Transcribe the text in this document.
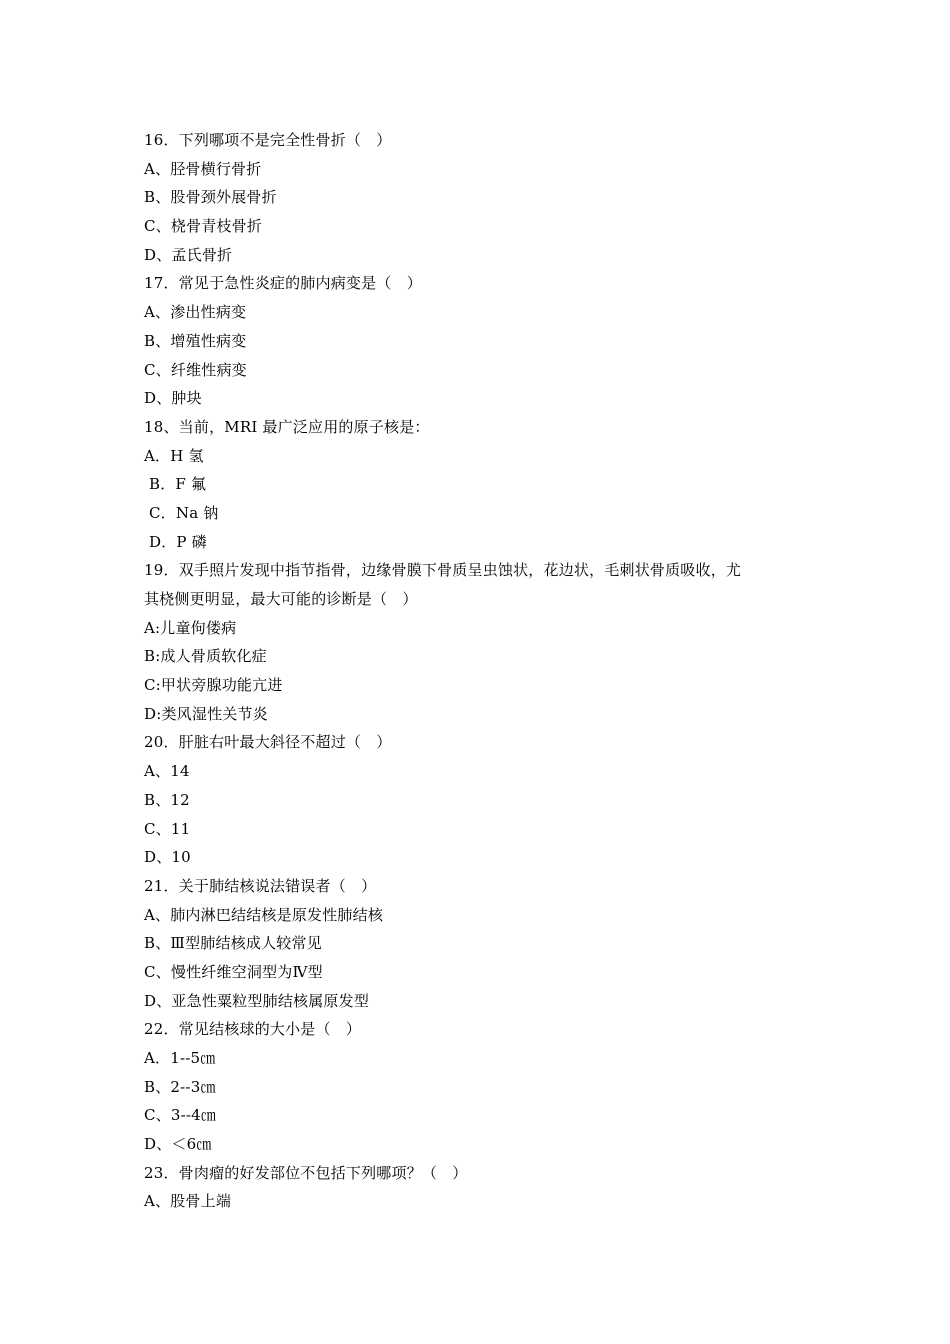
16．下列哪项不是完全性骨折（　）
A、胫骨横行骨折
B、股骨颈外展骨折
C、桡骨青枝骨折
D、孟氏骨折
17．常见于急性炎症的肺内病变是（　）
A、渗出性病变
B、增殖性病变
C、纤维性病变
D、肿块
18、当前，MRI 最广泛应用的原子核是：
A．H 氢
B．F 氟
C．Na 钠
D．P 磷
19．双手照片发现中指节指骨，边缘骨膜下骨质呈虫蚀状，花边状，毛刺状骨质吸收，尤
其桡侧更明显，最大可能的诊断是（　）
A:儿童佝偻病
B:成人骨质软化症
C:甲状旁腺功能亢进
D:类风湿性关节炎
20．肝脏右叶最大斜径不超过（　）
A、14
B、12
C、11
D、10
21．关于肺结核说法错误者（　）
A、肺内淋巴结结核是原发性肺结核
B、Ⅲ型肺结核成人较常见
C、慢性纤维空洞型为Ⅳ型
D、亚急性粟粒型肺结核属原发型
22．常见结核球的大小是（　）
A．1--5㎝
B、2--3㎝
C、3--4㎝
D、＜6㎝
23．骨肉瘤的好发部位不包括下列哪项？（　）
A、股骨上端
